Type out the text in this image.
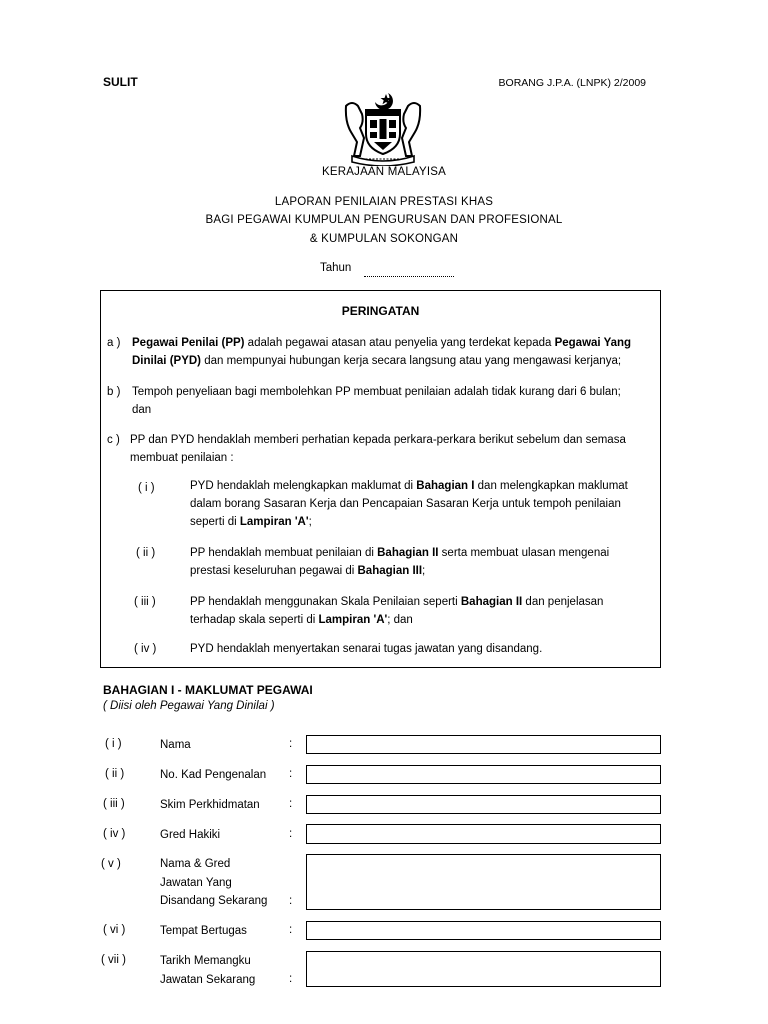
SULIT	BORANG J.P.A. (LNPK) 2/2009
KERAJAAN MALAYISA
LAPORAN PENILAIAN PRESTASI KHAS
BAGI PEGAWAI KUMPULAN PENGURUSAN DAN PROFESIONAL
& KUMPULAN SOKONGAN
Tahun
PERINGATAN
a ) Pegawai Penilai (PP) adalah pegawai atasan atau penyelia yang terdekat kepada Pegawai Yang
Dinilai (PYD) dan mempunyai hubungan kerja secara langsung atau yang mengawasi kerjanya;
b ) Tempoh penyeliaan bagi membolehkan PP membuat penilaian adalah tidak kurang dari 6 bulan;
dan
c ) PP dan PYD hendaklah memberi perhatian kepada perkara-perkara berikut sebelum dan semasa
membuat penilaian :
( i )	PYD hendaklah melengkapkan maklumat di Bahagian I dan melengkapkan maklumat
dalam borang Sasaran Kerja dan Pencapaian Sasaran Kerja untuk tempoh penilaian
seperti di Lampiran 'A';
( ii )	PP hendaklah membuat penilaian di Bahagian II serta membuat ulasan mengenai
prestasi keseluruhan pegawai di Bahagian III;
( iii )	PP hendaklah menggunakan Skala Penilaian seperti Bahagian II dan penjelasan
terhadap skala seperti di Lampiran 'A'; dan
( iv )	PYD hendaklah menyertakan senarai tugas jawatan yang disandang.
BAHAGIAN I - MAKLUMAT PEGAWAI
( Diisi oleh Pegawai Yang Dinilai )
( i )	Nama	:
( ii )	No. Kad Pengenalan :
( iii )	Skim Perkhidmatan	:
( iv )	Gred Hakiki	:
( v )	Nama & Gred
Jawatan Yang
Disandang Sekarang :
( vi )	Tempat Bertugas	:
( vii )	Tarikh Memangku
Jawatan Sekarang	:
